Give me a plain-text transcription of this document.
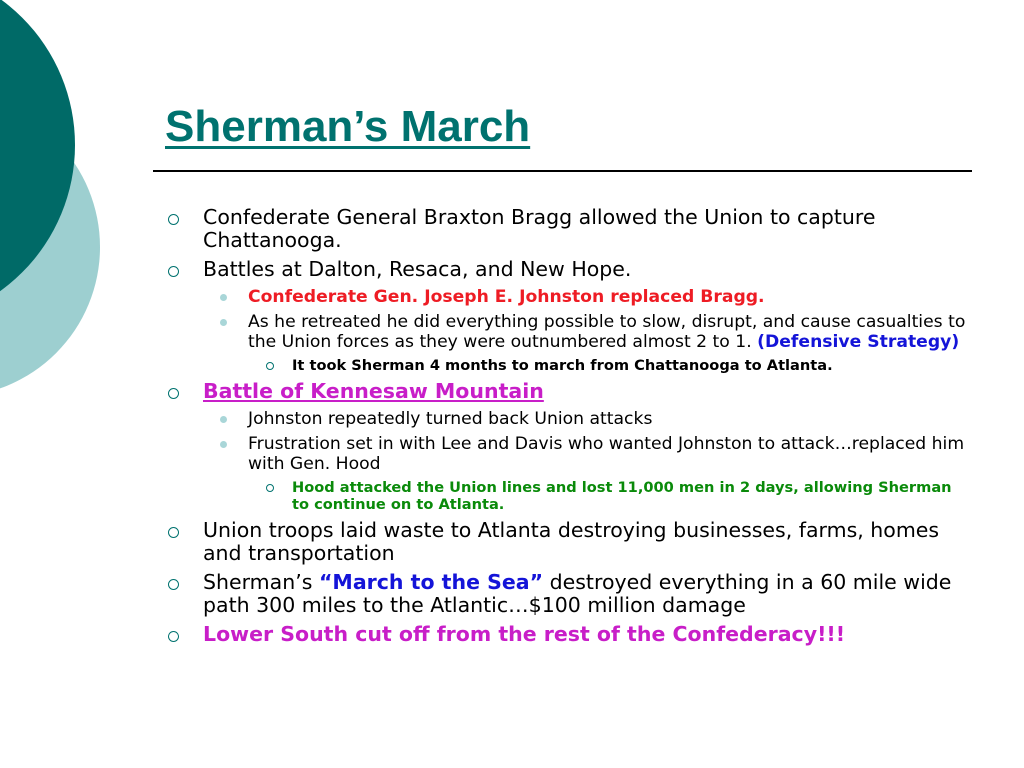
Sherman’s March
Confederate General Braxton Bragg allowed the Union to capture Chattanooga.
Battles at Dalton, Resaca, and New Hope.
Confederate Gen. Joseph E. Johnston replaced Bragg.
As he retreated he did everything possible to slow, disrupt, and cause casualties to the Union forces as they were outnumbered almost 2 to 1. (Defensive Strategy)
It took Sherman 4 months to march from Chattanooga to Atlanta.
Battle of Kennesaw Mountain
Johnston repeatedly turned back Union attacks
Frustration set in with Lee and Davis who wanted Johnston to attack…replaced him with Gen. Hood
Hood attacked the Union lines and lost 11,000 men in 2 days, allowing Sherman to continue on to Atlanta.
Union troops laid waste to Atlanta destroying businesses, farms, homes and transportation
Sherman’s “March to the Sea” destroyed everything in a 60 mile wide path 300 miles to the Atlantic…$100 million damage
Lower South cut off from the rest of the Confederacy!!!
